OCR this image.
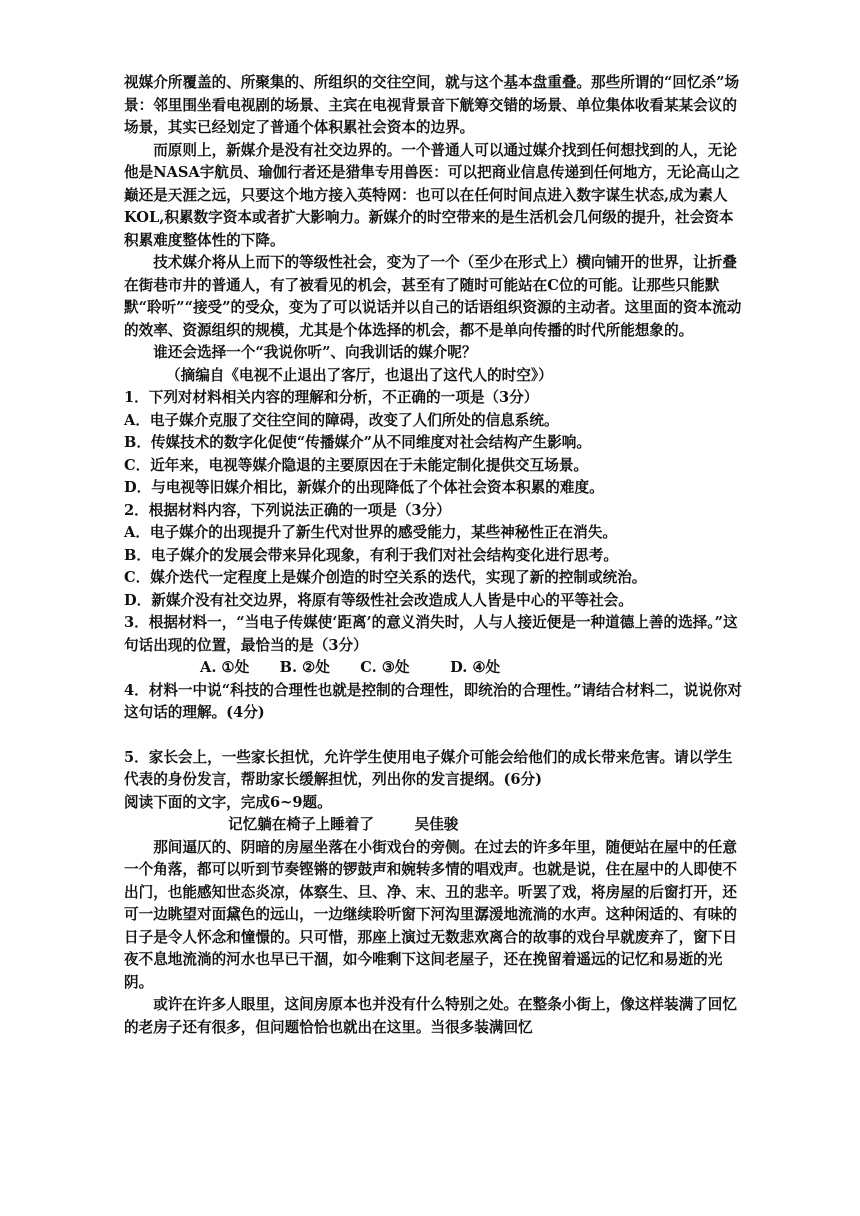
视媒介所覆盖的、所聚集的、所组织的交往空间，就与这个基本盘重叠。那些所谓的“回忆杀”场景：邻里围坐看电视剧的场景、主宾在电视背景音下觥筹交错的场景、单位集体收看某某会议的场景，其实已经划定了普通个体积累社会资本的边界。

而原则上，新媒介是没有社交边界的。一个普通人可以通过媒介找到任何想找到的人，无论他是NASA宇航员、瑜伽行者还是猎隼专用兽医：可以把商业信息传递到任何地方，无论高山之巅还是天涯之远，只要这个地方接入英特网：也可以在任何时间点进入数字谋生状态,成为素人KOL,积累数字资本或者扩大影响力。新媒介的时空带来的是生活机会几何级的提升，社会资本积累难度整体性的下降。

技术媒介将从上而下的等级性社会，变为了一个（至少在形式上）横向铺开的世界，让折叠在街巷市井的普通人，有了被看见的机会，甚至有了随时可能站在C位的可能。让那些只能默默“聆听”“接受”的受众，变为了可以说话并以自己的话语组织资源的主动者。这里面的资本流动的效率、资源组织的规模，尤其是个体选择的机会，都不是单向传播的时代所能想象的。

谁还会选择一个“我说你听”、向我训话的媒介呢？

（摘编自《电视不止退出了客厅，也退出了这代人的时空》）

1．下列对材料相关内容的理解和分析，不正确的一项是（3分）

A．电子媒介克服了交往空间的障碍，改变了人们所处的信息系统。

B．传媒技术的数字化促使“传播媒介”从不同维度对社会结构产生影响。

C．近年来，电视等媒介隐退的主要原因在于未能定制化提供交互场景。

D．与电视等旧媒介相比，新媒介的出现降低了个体社会资本积累的难度。

2．根据材料内容，下列说法正确的一项是（3分）

A．电子媒介的出现提升了新生代对世界的感受能力，某些神秘性正在消失。

B．电子媒介的发展会带来异化现象，有利于我们对社会结构变化进行思考。

C．媒介迭代一定程度上是媒介创造的时空关系的迭代，实现了新的控制或统治。

D．新媒介没有社交边界，将原有等级性社会改造成人人皆是中心的平等社会。

3．根据材料一，“当电子传媒使‘距离’的意义消失时，人与人接近便是一种道德上善的选择。”这句话出现的位置，最恰当的是（3分）

A. ①处      B. ②处      C. ③处        D. ④处

4．材料一中说“科技的合理性也就是控制的合理性，即统治的合理性。”请结合材料二，说说你对这句话的理解。(4分)

5．家长会上，一些家长担忧，允许学生使用电子媒介可能会给他们的成长带来危害。请以学生代表的身份发言，帮助家长缓解担忧，列出你的发言提纲。(6分)

阅读下面的文字，完成6~9题。

记忆躺在椅子上睡着了	吴佳骏

那间逼仄的、阴暗的房屋坐落在小街戏台的旁侧。在过去的许多年里，随便站在屋中的任意一个角落，都可以听到节奏铿锵的锣鼓声和婉转多情的唱戏声。也就是说，住在屋中的人即使不出门，也能感知世态炎凉，体察生、旦、净、末、丑的悲辛。听罢了戏，将房屋的后窗打开，还可一边眺望对面黛色的远山，一边继续聆听窗下河沟里潺湲地流淌的水声。这种闲适的、有味的日子是令人怀念和憧憬的。只可惜，那座上演过无数悲欢离合的故事的戏台早就废弃了，窗下日夜不息地流淌的河水也早已干涸，如今唯剩下这间老屋子，还在挽留着遥远的记忆和易逝的光阴。

或许在许多人眼里，这间房原本也并没有什么特别之处。在整条小街上，像这样装满了回忆的老房子还有很多，但问题恰恰也就出在这里。当很多装满回忆
